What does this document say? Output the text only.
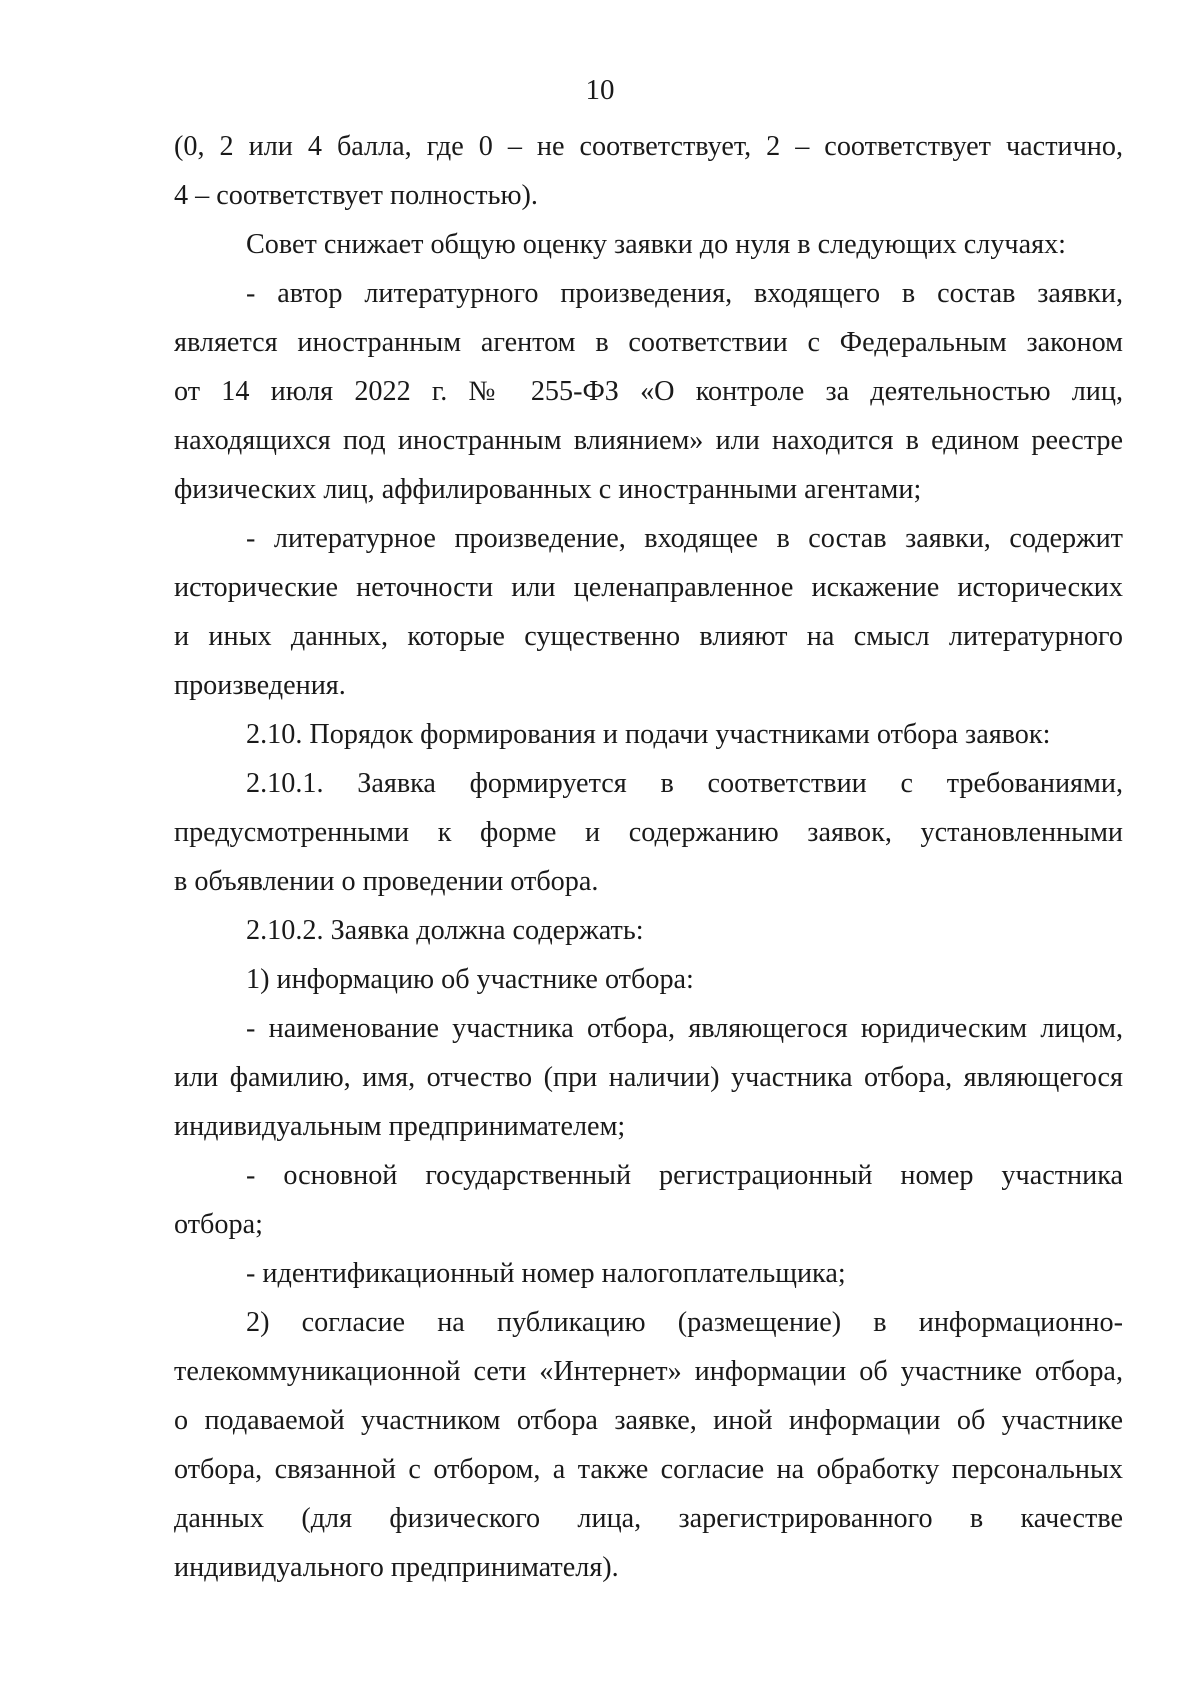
10
(0, 2 или 4 балла, где 0 – не соответствует, 2 – соответствует частично,
4 – соответствует полностью).
Совет снижает общую оценку заявки до нуля в следующих случаях:
- автор литературного произведения, входящего в состав заявки,
является иностранным агентом в соответствии с Федеральным законом
от 14 июля 2022 г. № 255-ФЗ «О контроле за деятельностью лиц,
находящихся под иностранным влиянием» или находится в едином реестре
физических лиц, аффилированных с иностранными агентами;
- литературное произведение, входящее в состав заявки, содержит
исторические неточности или целенаправленное искажение исторических
и иных данных, которые существенно влияют на смысл литературного
произведения.
2.10. Порядок формирования и подачи участниками отбора заявок:
2.10.1. Заявка формируется в соответствии с требованиями,
предусмотренными к форме и содержанию заявок, установленными
в объявлении о проведении отбора.
2.10.2. Заявка должна содержать:
1) информацию об участнике отбора:
- наименование участника отбора, являющегося юридическим лицом,
или фамилию, имя, отчество (при наличии) участника отбора, являющегося
индивидуальным предпринимателем;
- основной государственный регистрационный номер участника
отбора;
- идентификационный номер налогоплательщика;
2) согласие на публикацию (размещение) в информационно-
телекоммуникационной сети «Интернет» информации об участнике отбора,
о подаваемой участником отбора заявке, иной информации об участнике
отбора, связанной с отбором, а также согласие на обработку персональных
данных (для физического лица, зарегистрированного в качестве
индивидуального предпринимателя).
